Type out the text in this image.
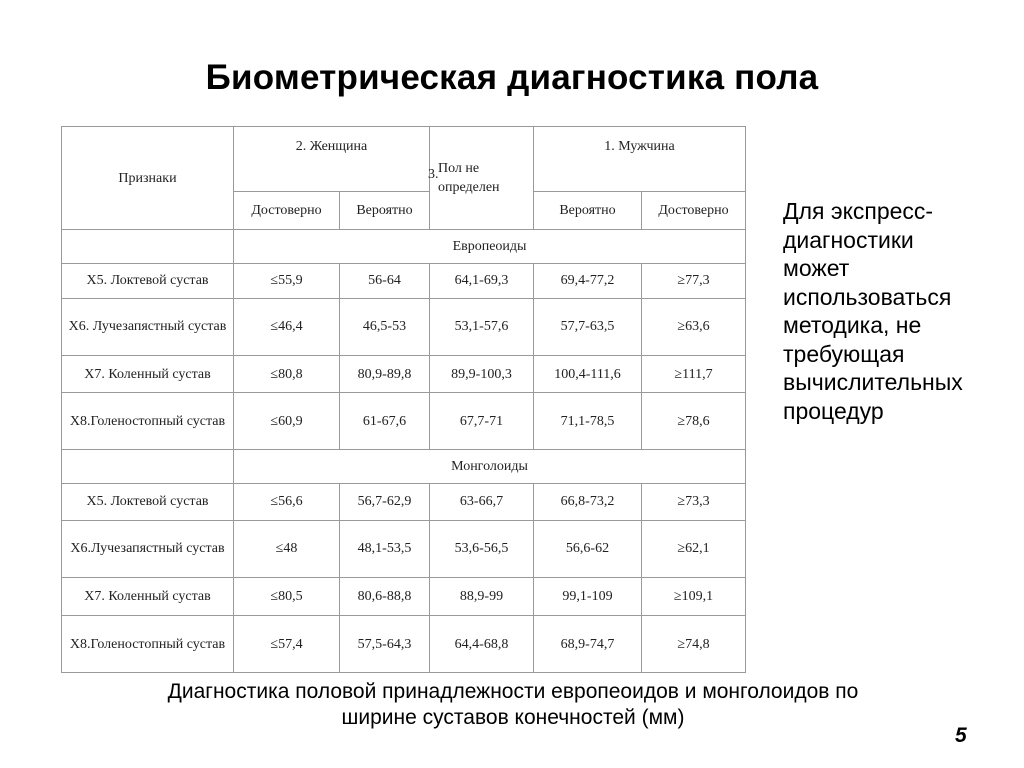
Биометрическая диагностика пола
Признаки	2. Женщина		3. Пол не определен	1. Мужчина	
	Достоверно	Вероятно		Вероятно	Достоверно
	Европеоиды				
X5. Локтевой сустав	≤55,9	56-64	64,1-69,3	69,4-77,2	≥77,3
X6. Лучезапястный сустав	≤46,4	46,5-53	53,1-57,6	57,7-63,5	≥63,6
X7. Коленный сустав	≤80,8	80,9-89,8	89,9-100,3	100,4-111,6	≥111,7
X8.Голеностопный сустав	≤60,9	61-67,6	67,7-71	71,1-78,5	≥78,6
	Монголоиды				
X5. Локтевой сустав	≤56,6	56,7-62,9	63-66,7	66,8-73,2	≥73,3
X6.Лучезапястный сустав	≤48	48,1-53,5	53,6-56,5	56,6-62	≥62,1
X7. Коленный сустав	≤80,5	80,6-88,8	88,9-99	99,1-109	≥109,1
X8.Голеностопный сустав	≤57,4	57,5-64,3	64,4-68,8	68,9-74,7	≥74,8
Для экспресс-
диагностики
может
использоваться
методика, не
требующая
вычислительных
процедур
Диагностика половой принадлежности европеоидов и монголоидов по
ширине суставов конечностей (мм)
5
